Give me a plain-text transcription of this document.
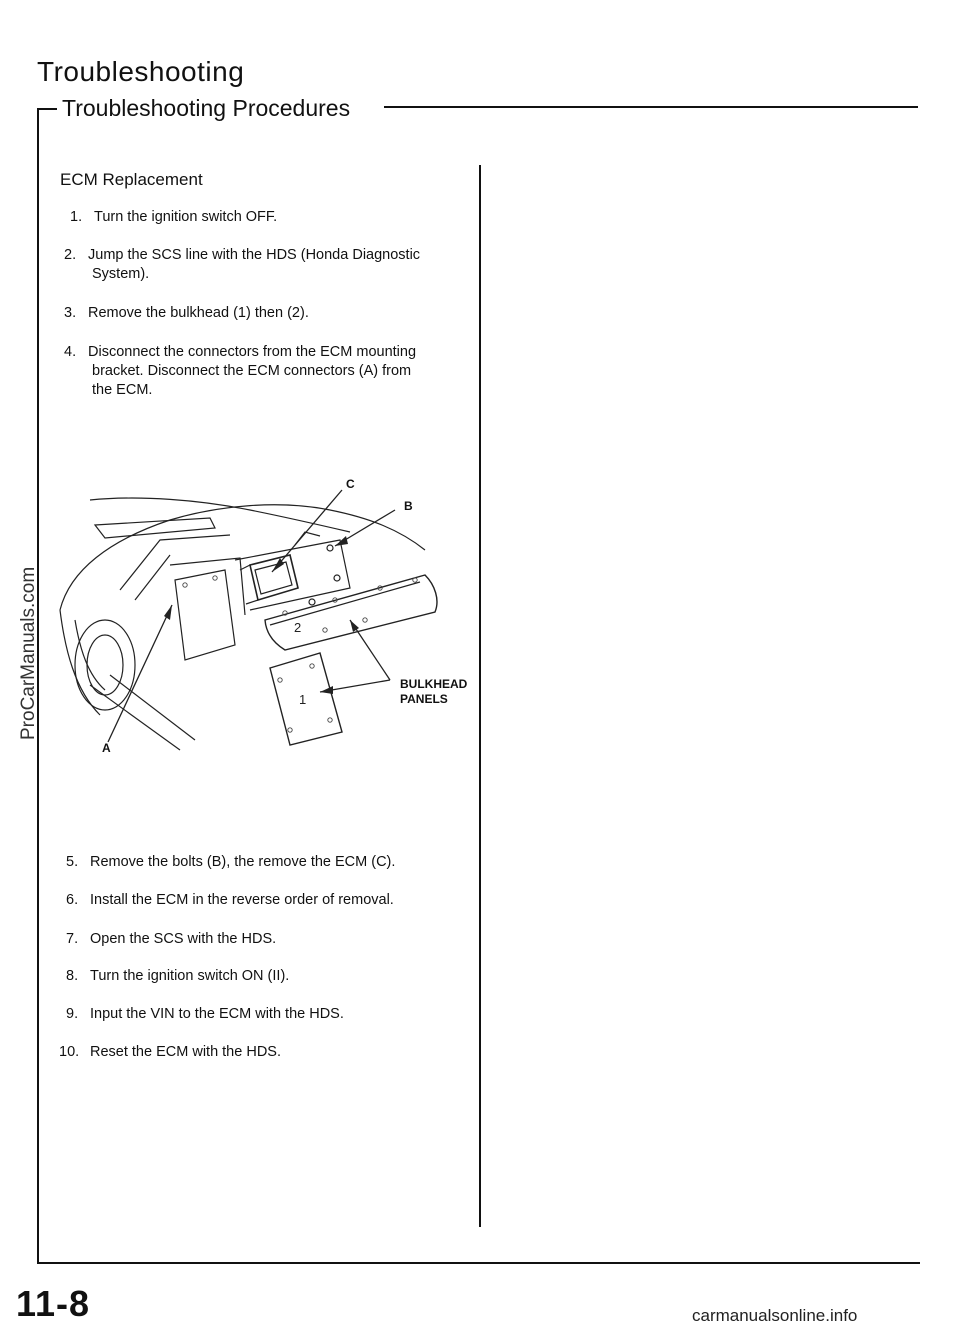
Troubleshooting
Troubleshooting Procedures
ECM Replacement
1. Turn the ignition switch OFF.
2. Jump the SCS line with the HDS (Honda Diagnostic
System).
3. Remove the bulkhead (1) then (2).
4. Disconnect the connectors from the ECM mounting
bracket. Disconnect the ECM connectors (A) from
the ECM.
C
B
A
2
1
BULKHEAD
PANELS
5. Remove the bolts (B), the remove the ECM (C).
6. Install the ECM in the reverse order of removal.
7. Open the SCS with the HDS.
8. Turn the ignition switch ON (II).
9. Input the VIN to the ECM with the HDS.
10. Reset the ECM with the HDS.
11-8
ProCarManuals.com
carmanualsonline.info
